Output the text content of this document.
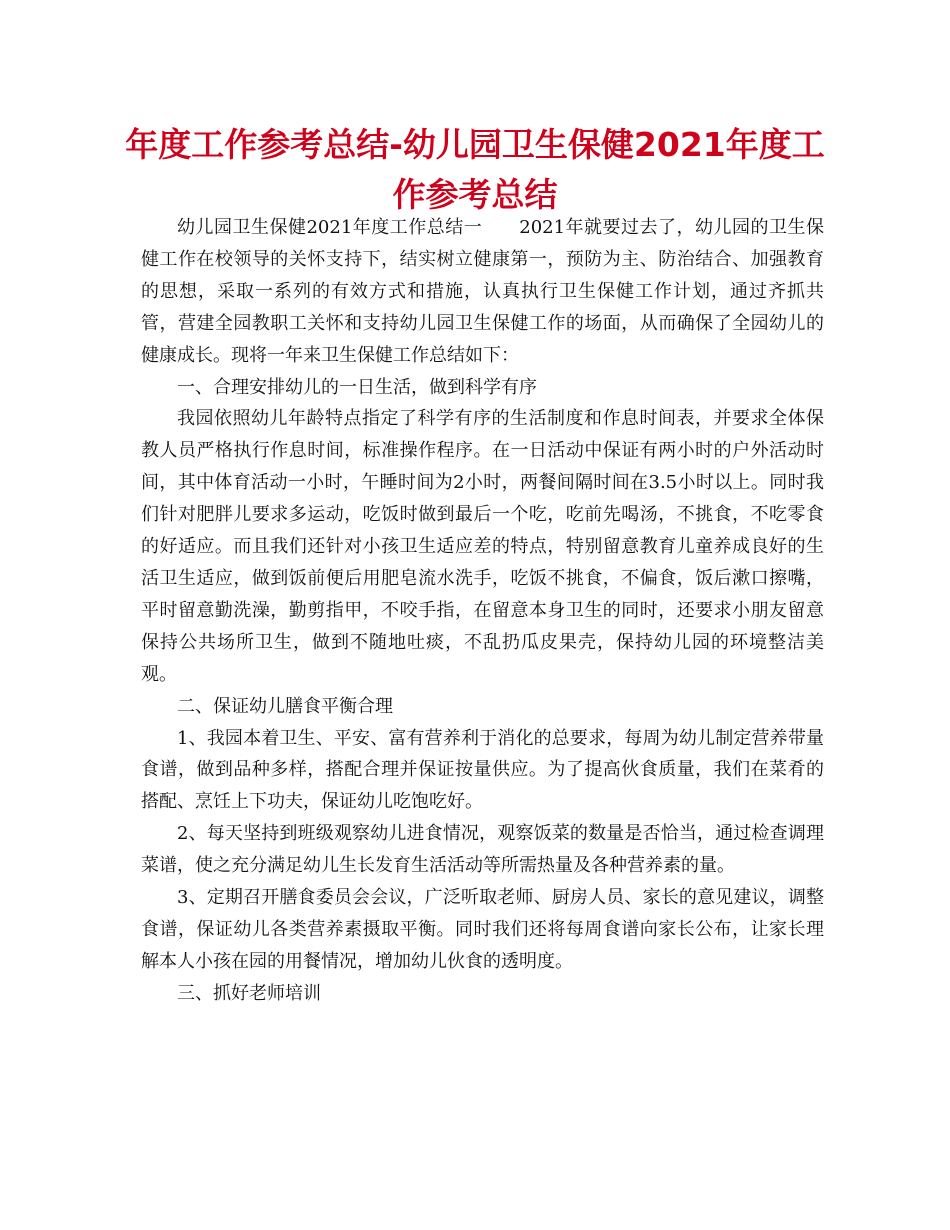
年度工作参考总结-幼儿园卫生保健2021年度工作参考总结

幼儿园卫生保健2021年度工作总结一　　2021年就要过去了，幼儿园的卫生保健工作在校领导的关怀支持下，结实树立健康第一，预防为主、防治结合、加强教育的思想，采取一系列的有效方式和措施，认真执行卫生保健工作计划，通过齐抓共管，营建全园教职工关怀和支持幼儿园卫生保健工作的场面，从而确保了全园幼儿的健康成长。现将一年来卫生保健工作总结如下：

一、合理安排幼儿的一日生活，做到科学有序

我园依照幼儿年龄特点指定了科学有序的生活制度和作息时间表，并要求全体保教人员严格执行作息时间，标准操作程序。在一日活动中保证有两小时的户外活动时间，其中体育活动一小时，午睡时间为2小时，两餐间隔时间在3.5小时以上。同时我们针对肥胖儿要求多运动，吃饭时做到最后一个吃，吃前先喝汤，不挑食，不吃零食的好适应。而且我们还针对小孩卫生适应差的特点，特别留意教育儿童养成良好的生活卫生适应，做到饭前便后用肥皂流水洗手，吃饭不挑食，不偏食，饭后漱口擦嘴，平时留意勤洗澡，勤剪指甲，不咬手指，在留意本身卫生的同时，还要求小朋友留意保持公共场所卫生，做到不随地吐痰，不乱扔瓜皮果壳，保持幼儿园的环境整洁美观。

二、保证幼儿膳食平衡合理

1、我园本着卫生、平安、富有营养利于消化的总要求，每周为幼儿制定营养带量食谱，做到品种多样，搭配合理并保证按量供应。为了提高伙食质量，我们在菜肴的搭配、烹饪上下功夫，保证幼儿吃饱吃好。

2、每天坚持到班级观察幼儿进食情况，观察饭菜的数量是否恰当，通过检查调理菜谱，使之充分满足幼儿生长发育生活活动等所需热量及各种营养素的量。

3、定期召开膳食委员会会议，广泛听取老师、厨房人员、家长的意见建议，调整食谱，保证幼儿各类营养素摄取平衡。同时我们还将每周食谱向家长公布，让家长理解本人小孩在园的用餐情况，增加幼儿伙食的透明度。

三、抓好老师培训
